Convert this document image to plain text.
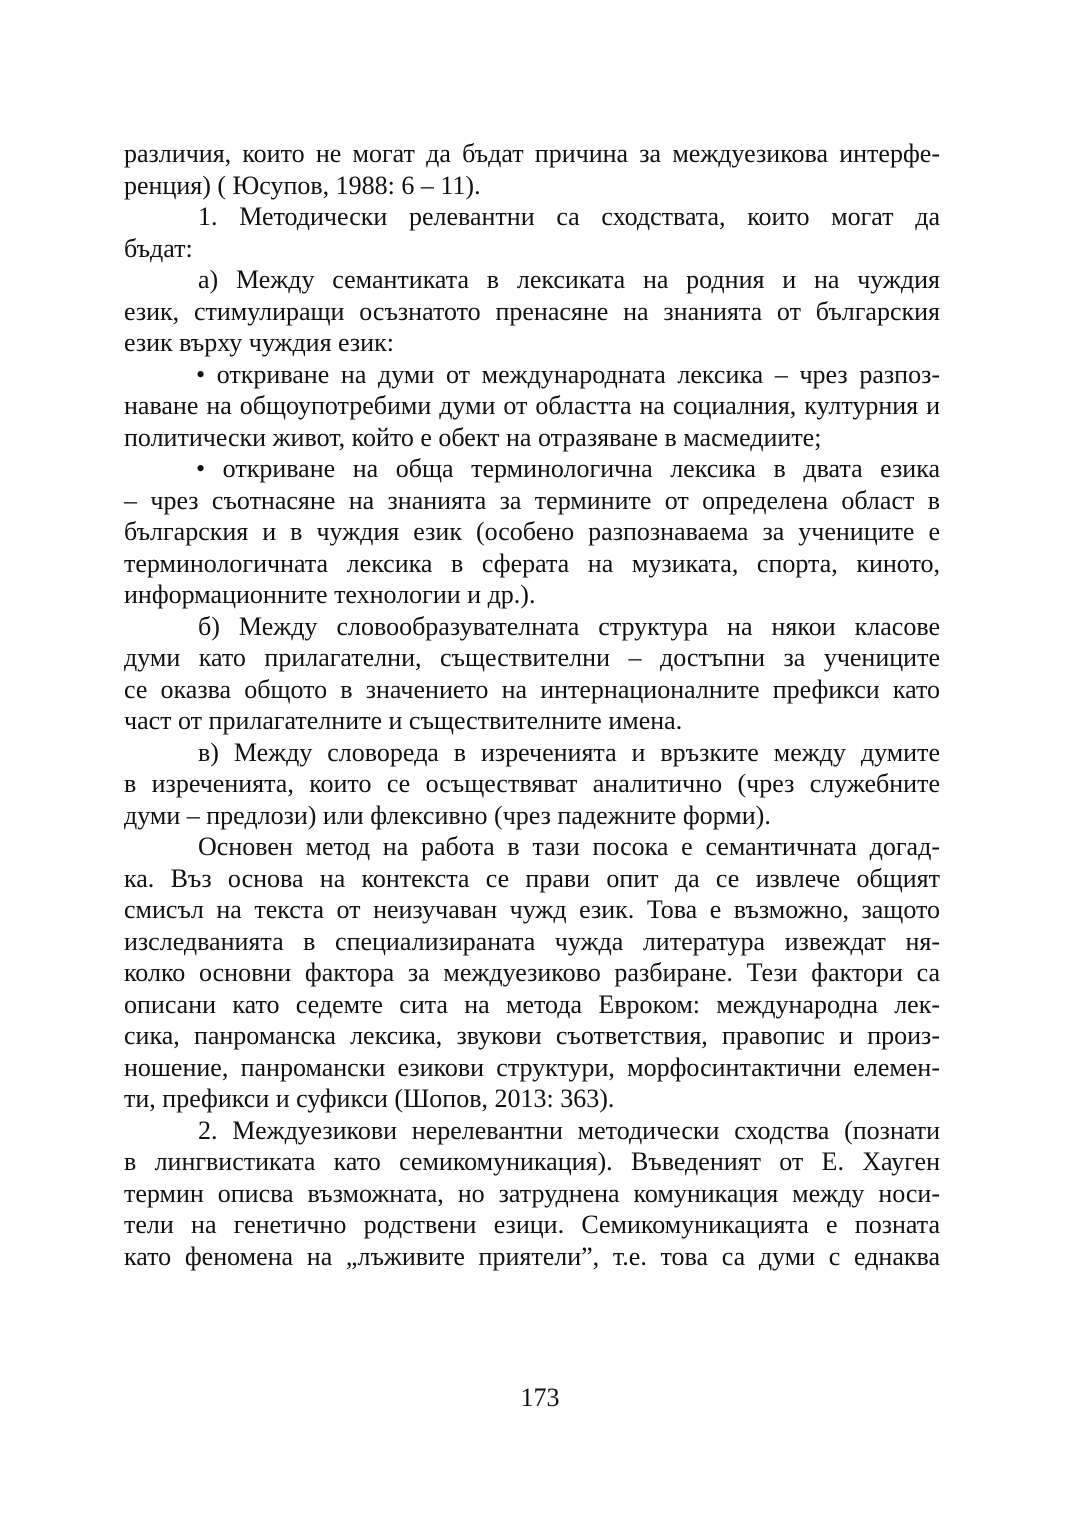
различия, които не могат да бъдат причина за междуезикова интерфе-
ренция) ( Юсупов, 1988: 6 – 11).
1. Методически релевантни са сходствата, които могат да
бъдат:
а) Между семантиката в лексиката на родния и на чуждия
език, стимулиращи осъзнатото пренасяне на знанията от българския
език върху чуждия език:
• откриване на думи от международната лексика – чрез разпоз-
наване на общоупотребими думи от областта на социалния, културния и
политически живот, който е обект на отразяване в масмедиите;
• откриване на обща терминологична лексика в двата езика
– чрез съотнасяне на знанията за термините от определена област в
българския и в чуждия език (особено разпознаваема за учениците е
терминологичната лексика в сферата на музиката, спорта, киното,
информационните технологии и др.).
б) Между словообразувателната структура на някои класове
думи като прилагателни, съществителни – достъпни за учениците
се оказва общото в значението на интернационалните префикси като
част от прилагателните и съществителните имена.
в) Между словореда в изреченията и връзките между думите
в изреченията, които се осъществяват аналитично (чрез служебните
думи – предлози) или флексивно (чрез падежните форми).
Основен метод на работа в тази посока е семантичната догад-
ка. Въз основа на контекста се прави опит да се извлече общият
смисъл на текста от неизучаван чужд език. Това е възможно, защото
изследванията в специализираната чужда литература извеждат ня-
колко основни фактора за междуезиково разбиране. Тези фактори са
описани като седемте сита на метода Евроком: международна лек-
сика, панроманска лексика, звукови съответствия, правопис и произ-
ношение, панромански езикови структури, морфосинтактични елемен-
ти, префикси и суфикси (Шопов, 2013: 363).
2. Междуезикови нерелевантни методически сходства (познати
в лингвистиката като семикомуникация). Въведеният от Е. Хауген
термин описва възможната, но затруднена комуникация между носи-
тели на генетично родствени езици. Семикомуникацията е позната
като феномена на „лъживите приятели”, т.е. това са думи с еднаква
173
